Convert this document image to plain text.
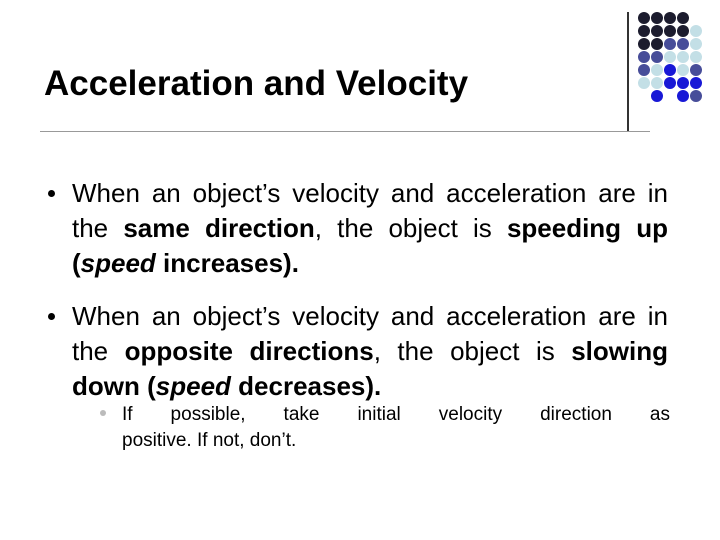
Acceleration and Velocity

When an object’s velocity and acceleration are in the same direction, the object is speeding up (speed increases).

When an object’s velocity and acceleration are in the opposite directions, the object is slowing down (speed decreases).

If possible, take initial velocity direction as
positive. If not, don’t.
